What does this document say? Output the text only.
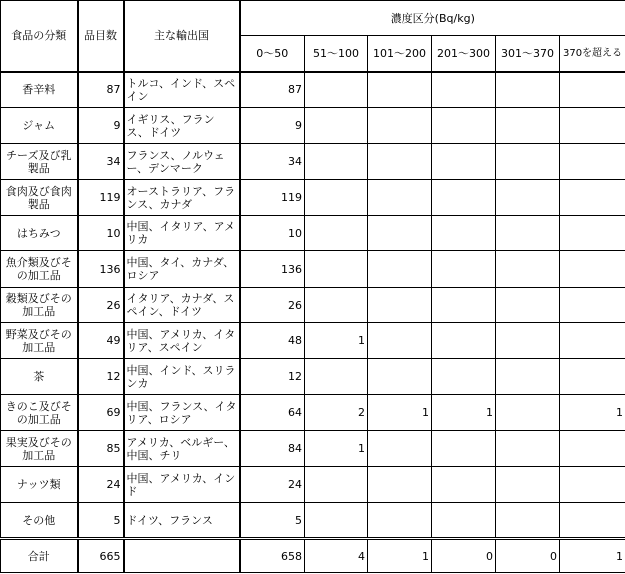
食品の分類	品目数	主な輸出国	濃度区分(Bq/kg)					
			0～50	51～100	101～200	201～300	301～370	370を超える
香辛料	87	トルコ、インド、スペイン	87					
ジャム	9	イギリス、フランス、ドイツ	9					
チーズ及び乳製品	34	フランス、ノルウェー、デンマーク	34					
食肉及び食肉製品	119	オーストラリア、フランス、カナダ	119					
はちみつ	10	中国、イタリア、アメリカ	10					
魚介類及びその加工品	136	中国、タイ、カナダ、ロシア	136					
穀類及びその加工品	26	イタリア、カナダ、スペイン、ドイツ	26					
野菜及びその加工品	49	中国、アメリカ、イタリア、スペイン	48	1				
茶	12	中国、インド、スリランカ	12					
きのこ及びその加工品	69	中国、フランス、イタリア、ロシア	64	2	1	1		1
果実及びその加工品	85	アメリカ、ベルギー、中国、チリ	84	1				
ナッツ類	24	中国、アメリカ、インド	24					
その他	5	ドイツ、フランス	5					
合計	665		658	4	1	0	0	1
